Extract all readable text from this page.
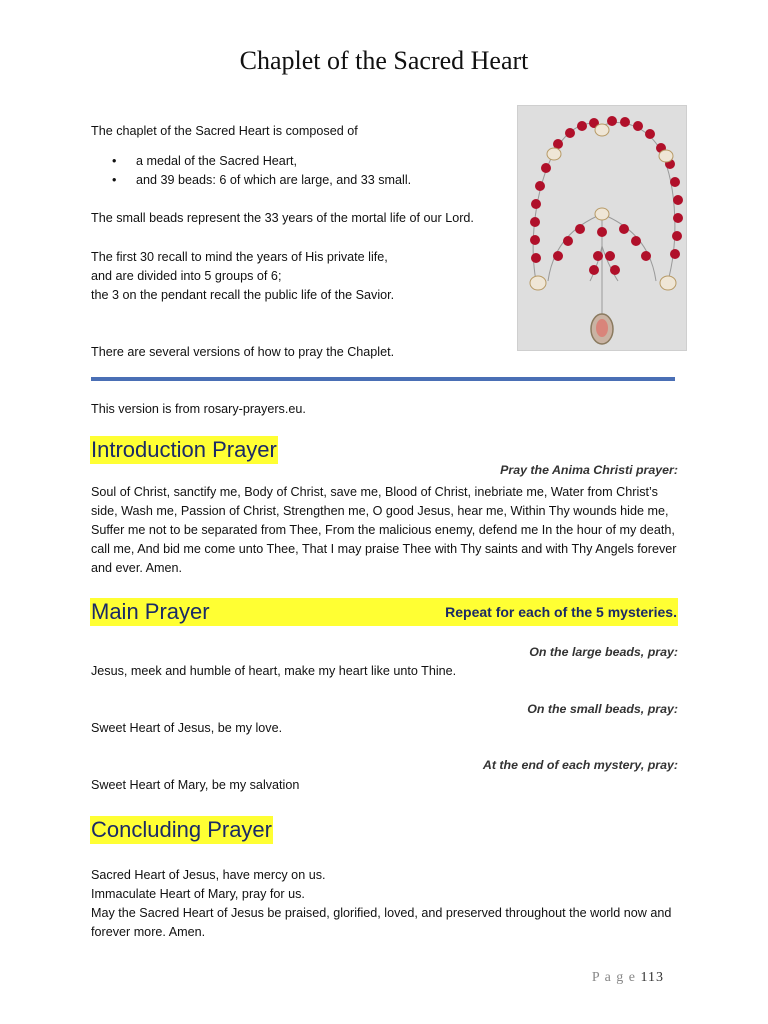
Chaplet of the Sacred Heart
The chaplet of the Sacred Heart is composed of
• a medal of the Sacred Heart,
• and 39 beads: 6 of which are large, and 33 small.
The small beads represent the 33 years of the mortal life of our Lord.
The first 30 recall to mind the years of His private life,
and are divided into 5 groups of 6;
the 3 on the pendant recall the public life of the Savior.
There are several versions of how to pray the Chaplet.
This version is from rosary-prayers.eu.
Introduction Prayer
Pray the Anima Christi prayer:
Soul of Christ, sanctify me, Body of Christ, save me, Blood of Christ, inebriate me, Water from Christ’s side, Wash me, Passion of Christ, Strengthen me, O good Jesus, hear me, Within Thy wounds hide me, Suffer me not to be separated from Thee, From the malicious enemy, defend me In the hour of my death, call me, And bid me come unto Thee, That I may praise Thee with Thy saints and with Thy Angels forever and ever. Amen.
Main Prayer	Repeat for each of the 5 mysteries.
On the large beads, pray:
Jesus, meek and humble of heart, make my heart like unto Thine.
On the small beads, pray:
Sweet Heart of Jesus, be my love.
At the end of each mystery, pray:
Sweet Heart of Mary, be my salvation
Concluding Prayer
Sacred Heart of Jesus, have mercy on us.
Immaculate Heart of Mary, pray for us.
May the Sacred Heart of Jesus be praised, glorified, loved, and preserved throughout the world now and forever more. Amen.
P a g e 113
